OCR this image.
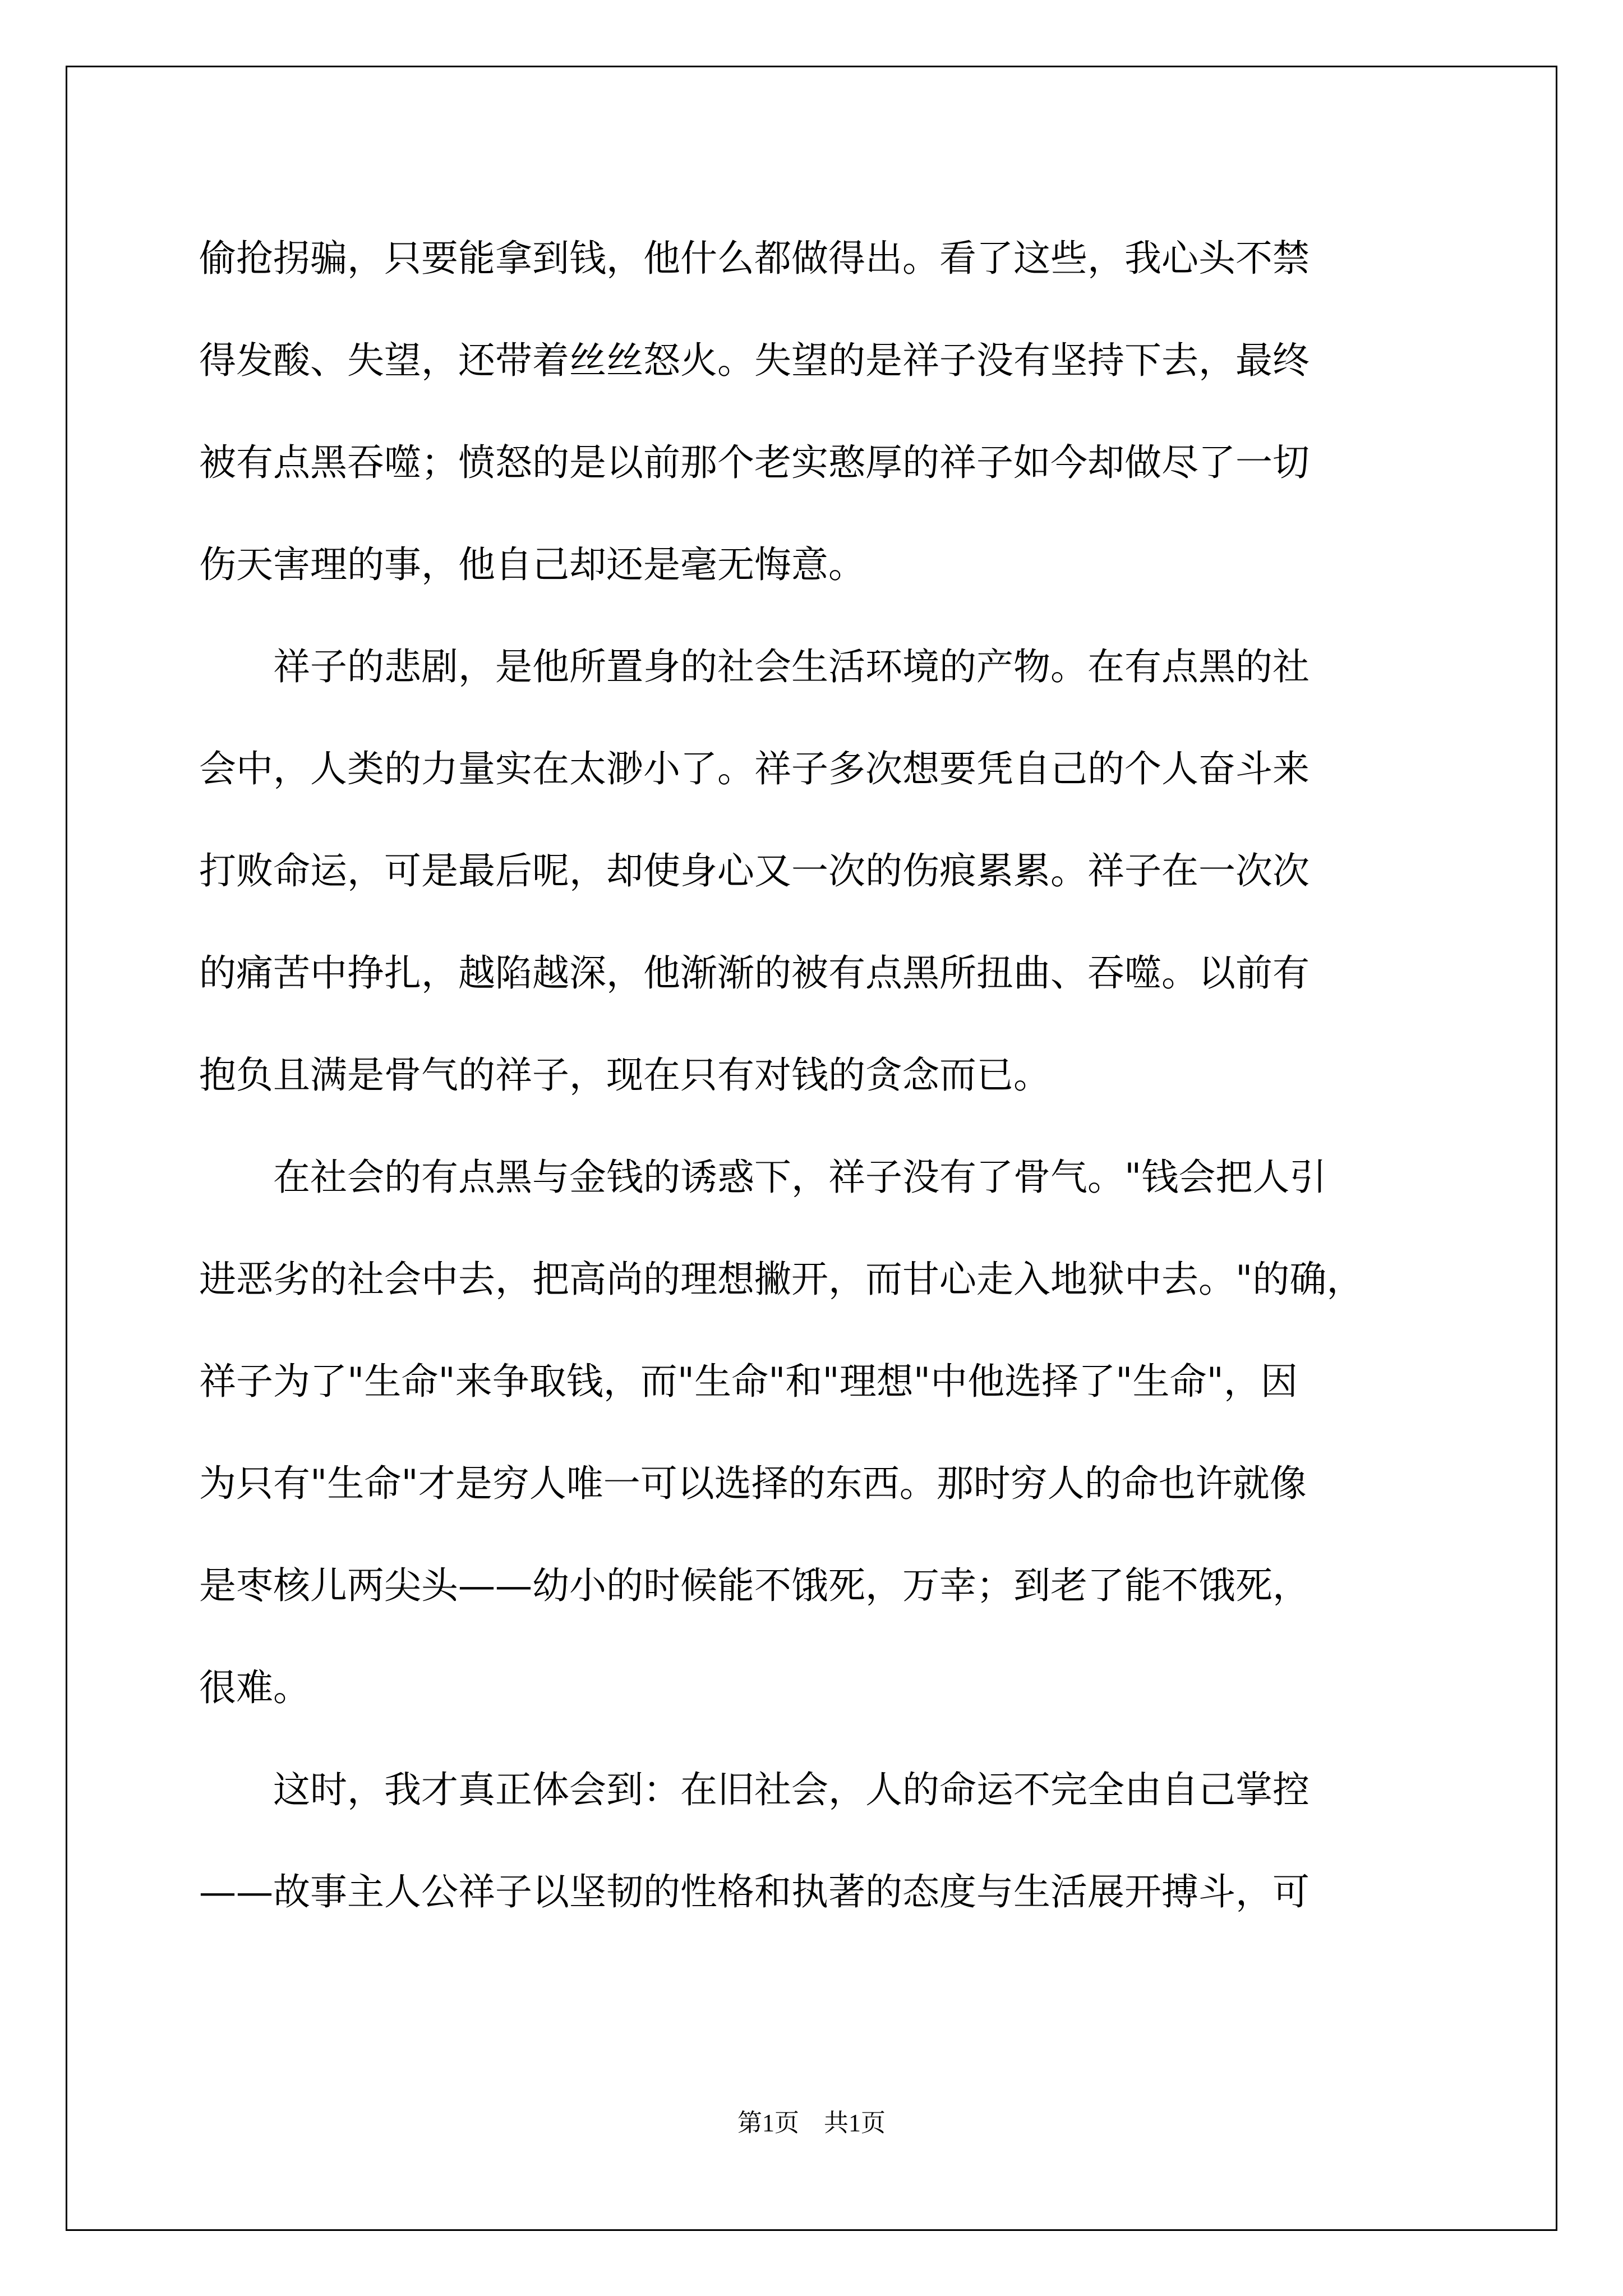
偷抢拐骗，只要能拿到钱，他什么都做得出。看了这些，我心头不禁
得发酸、失望，还带着丝丝怒火。失望的是祥子没有坚持下去，最终
被有点黑吞噬；愤怒的是以前那个老实憨厚的祥子如今却做尽了一切
伤天害理的事，他自己却还是毫无悔意。
　　祥子的悲剧，是他所置身的社会生活环境的产物。在有点黑的社
会中，人类的力量实在太渺小了。祥子多次想要凭自己的个人奋斗来
打败命运，可是最后呢，却使身心又一次的伤痕累累。祥子在一次次
的痛苦中挣扎，越陷越深，他渐渐的被有点黑所扭曲、吞噬。以前有
抱负且满是骨气的祥子，现在只有对钱的贪念而已。
　　在社会的有点黑与金钱的诱惑下，祥子没有了骨气。"钱会把人引
进恶劣的社会中去，把高尚的理想撇开，而甘心走入地狱中去。"的确，
祥子为了"生命"来争取钱，而"生命"和"理想"中他选择了"生命"，因
为只有"生命"才是穷人唯一可以选择的东西。那时穷人的命也许就像
是枣核儿两尖头——幼小的时候能不饿死，万幸；到老了能不饿死，
很难。
　　这时，我才真正体会到：在旧社会，人的命运不完全由自己掌控
——故事主人公祥子以坚韧的性格和执著的态度与生活展开搏斗，可
第1页　共1页
